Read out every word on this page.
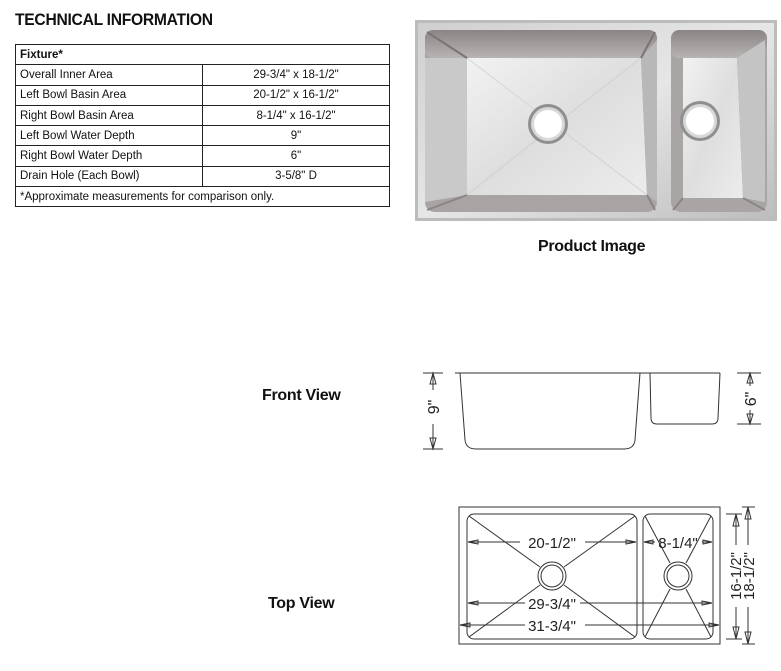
TECHNICAL INFORMATION
Fixture*	
Overall Inner Area	29-3/4" x 18-1/2"
Left Bowl Basin Area	20-1/2" x 16-1/2"
Right Bowl Basin Area	8-1/4" x 16-1/2"
Left Bowl Water Depth	9"
Right Bowl Water Depth	6"
Drain Hole (Each Bowl)	3-5/8" D
*Approximate measurements for comparison only.	
Product Image
Front View
9"
6"
Top View
20-1/2"	8-1/4"
29-3/4"
31-3/4"
16-1/2"
18-1/2"
